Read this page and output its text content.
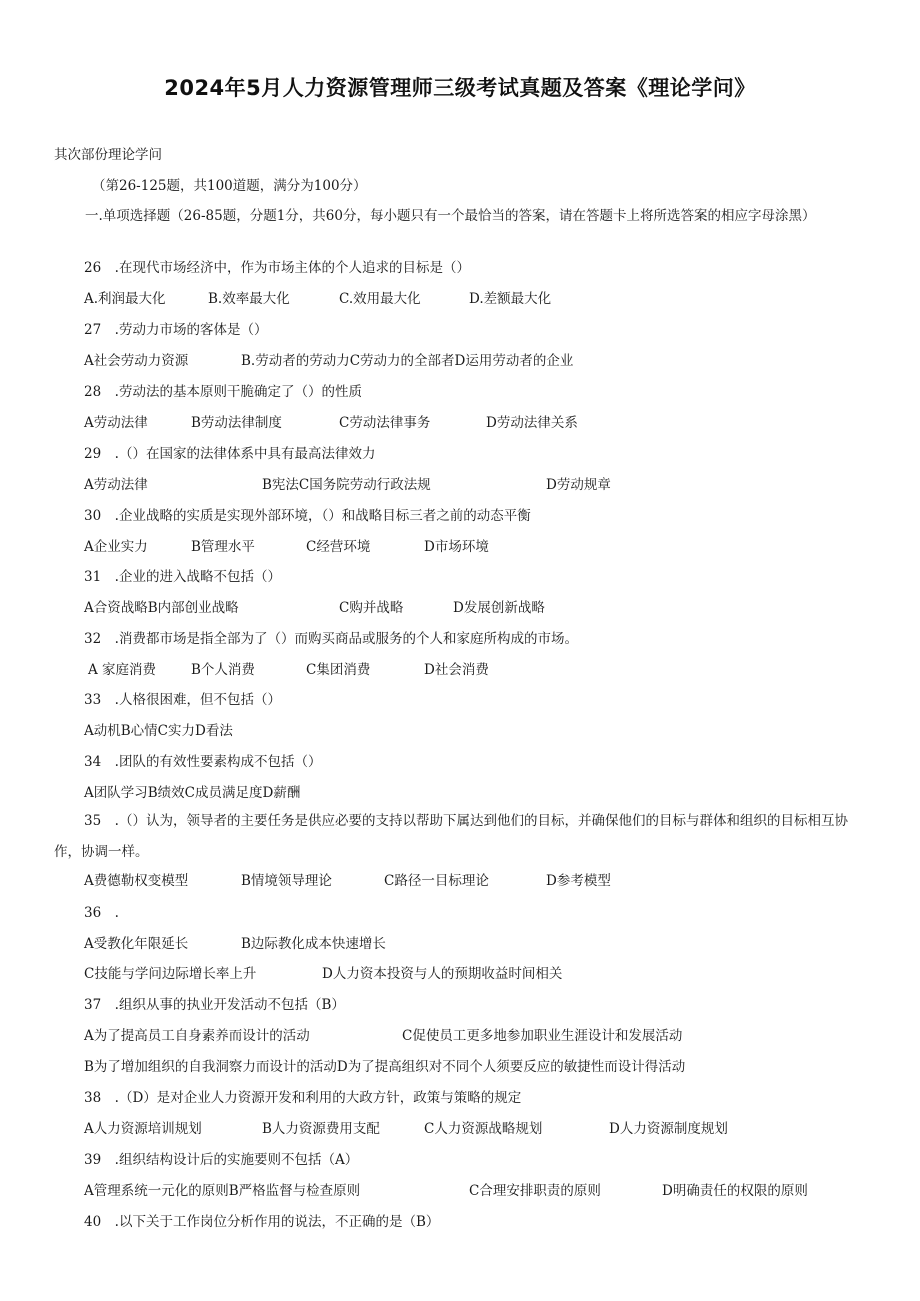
2024年5月人力资源管理师三级考试真题及答案《理论学问》
其次部份理论学问
（第26-125题，共100道题，满分为100分）
一.单项选择题（26-85题，分题1分，共60分，每小题只有一个最恰当的答案，请在答题卡上将所选答案的相应字母涂黑）
26　.在现代市场经济中，作为市场主体的个人追求的目标是（）
A.利润最大化	B.效率最大化	C.效用最大化	D.差额最大化
27　.劳动力市场的客体是（）
A社会劳动力资源	B.劳动者的劳动力C劳动力的全部者D运用劳动者的企业
28　.劳动法的基本原则干脆确定了（）的性质
A劳动法律	B劳动法律制度	C劳动法律事务	D劳动法律关系
29　.（）在国家的法律体系中具有最高法律效力
A劳动法律	B宪法C国务院劳动行政法规	D劳动规章
30　.企业战略的实质是实现外部环境，（）和战略目标三者之前的动态平衡
A企业实力	B管理水平	C经营环境	D市场环境
31　.企业的进入战略不包括（）
A合资战略B内部创业战略	C购并战略	D发展创新战略
32　.消费都市场是指全部为了（）而购买商品或服务的个人和家庭所构成的市场。
A 家庭消费	B个人消费	C集团消费	D社会消费
33　.人格很困难，但不包括（）
A动机B心情C实力D看法
34　.团队的有效性要素构成不包括（）
A团队学习B绩效C成员满足度D薪酬
35　.（）认为，领导者的主要任务是供应必要的支持以帮助下属达到他们的目标，并确保他们的目标与群体和组织的目标相互协作，协调一样。
A费德勒权变模型	B情境领导理论	C路径一目标理论	D参考模型
36　.
A受教化年限延长	B边际教化成本快速增长
C技能与学问边际增长率上升	D人力资本投资与人的预期收益时间相关
37　.组织从事的执业开发活动不包括（B）
A为了提高员工自身素养而设计的活动	C促使员工更多地参加职业生涯设计和发展活动
B为了增加组织的自我洞察力而设计的活动D为了提高组织对不同个人须要反应的敏捷性而设计得活动
38　.（D）是对企业人力资源开发和利用的大政方针，政策与策略的规定
A人力资源培训规划	B人力资源费用支配	C人力资源战略规划	D人力资源制度规划
39　.组织结构设计后的实施要则不包括（A）
A管理系统一元化的原则B严格监督与检查原则	C合理安排职责的原则	D明确责任的权限的原则
40　.以下关于工作岗位分析作用的说法，不正确的是（B）
